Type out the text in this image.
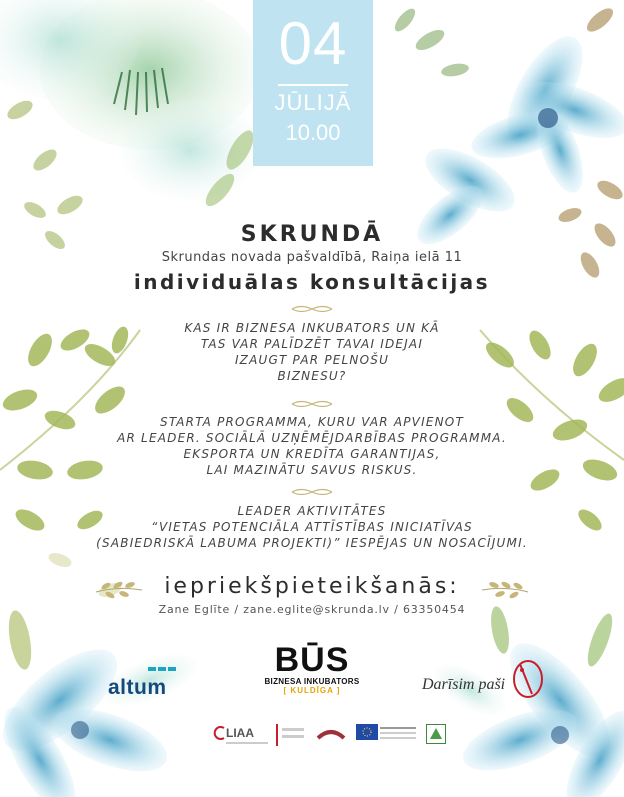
04
JŪLIJĀ
10.00
SKRUNDĀ
Skrundas novada pašvaldībā, Raiņa ielā 11
individuālas konsultācijas
KAS IR BIZNESA INKUBATORS UN KĀ
TAS VAR PALĪDZĒT TAVAI IDEJAI
IZAUGT PAR PELNOŠU
BIZNESU?
STARTA PROGRAMMA, KURU VAR APVIENOT
AR LEADER. SOCIĀLĀ UZŅĒMĒJDARBĪBAS PROGRAMMA.
EKSPORTA UN KREDĪTA GARANTIJAS,
LAI MAZINĀTU SAVUS RISKUS.
LEADER AKTIVITĀTES
“VIETAS POTENCIĀLA ATTĪSTĪBAS INICIATĪVAS
(SABIEDRISKĀ LABUMA PROJEKTI)” IESPĒJAS UN NOSACĪJUMI.
iepriekšpieteikšanās:
Zane Eglīte / zane.eglite@skrunda.lv / 63350454
altum
BŪS
BIZNESA INKUBATORS
[ KULDĪGA ]	Darīsim paši
LIAA
